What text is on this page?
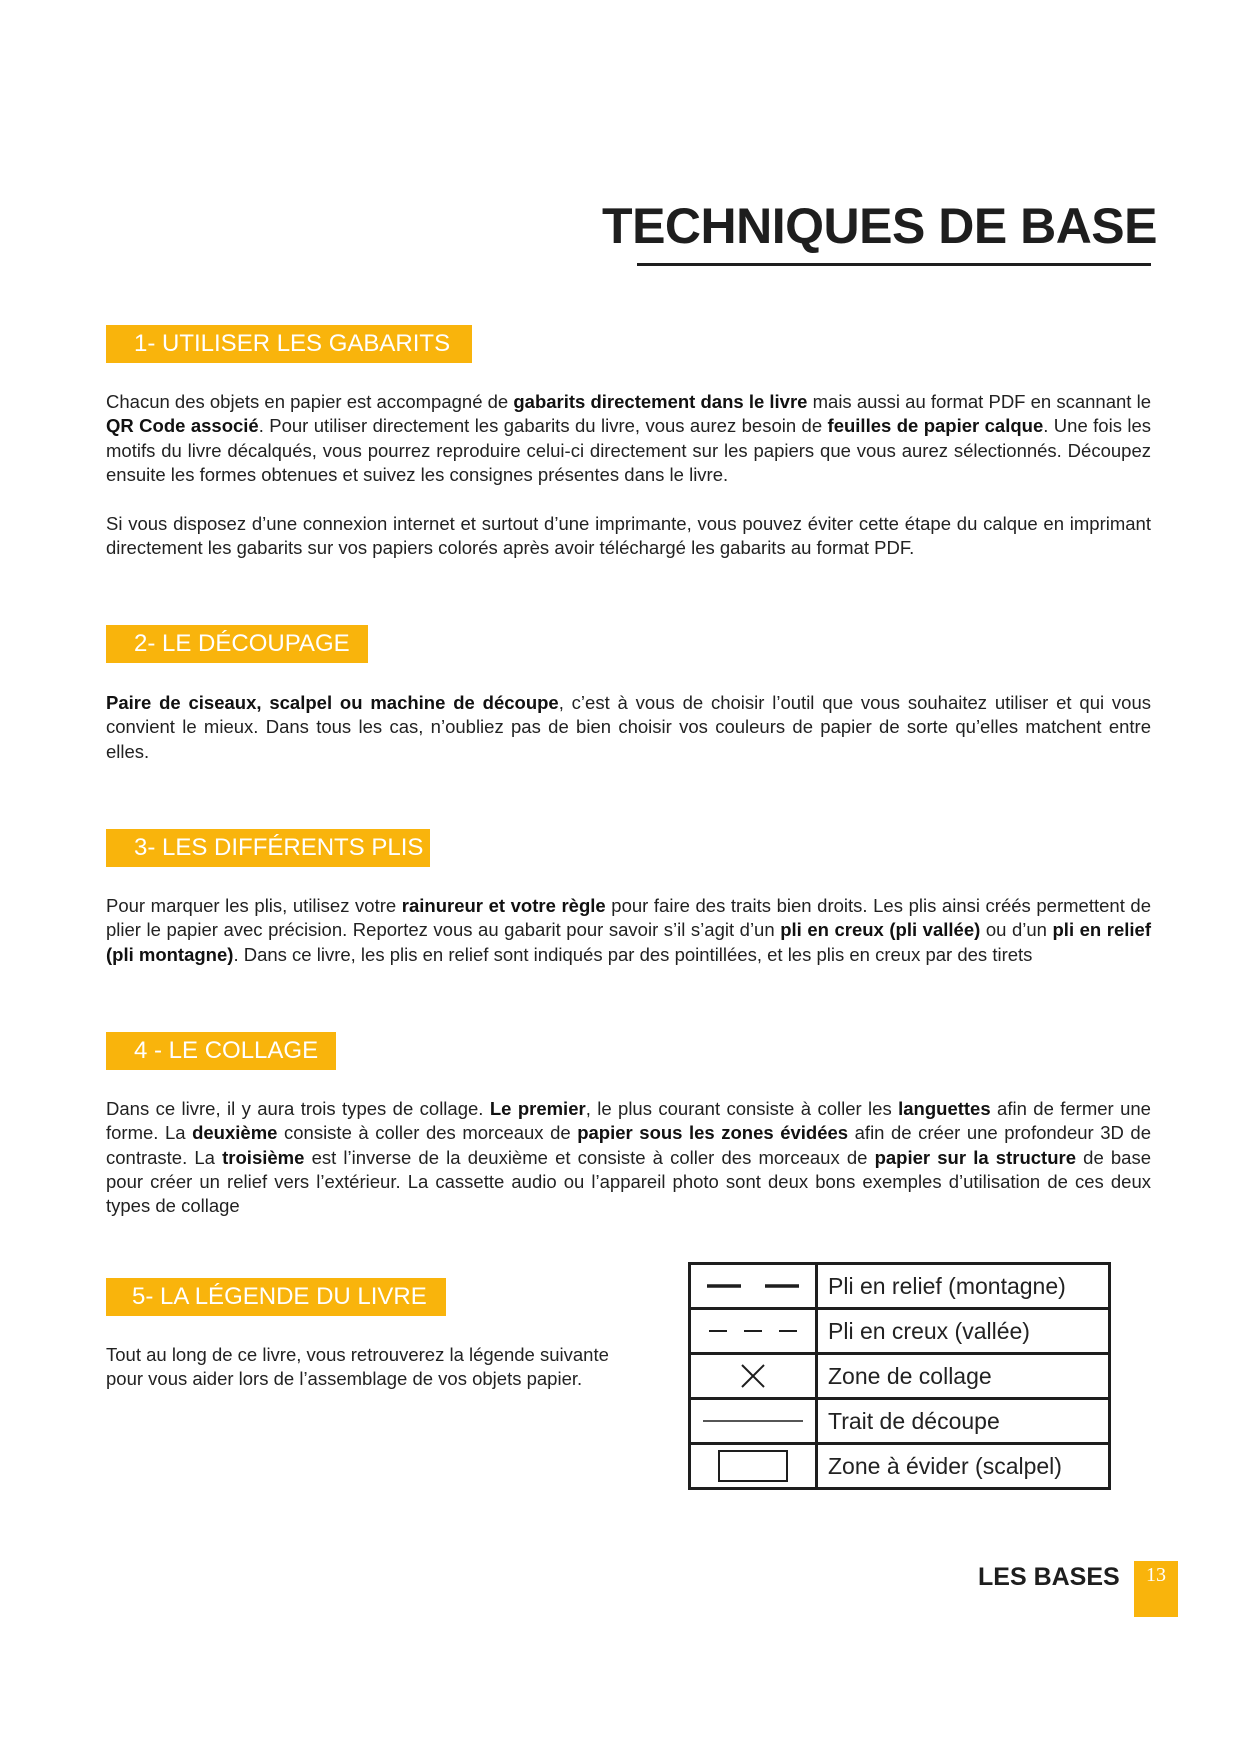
TECHNIQUES DE BASE
1- UTILISER LES GABARITS

Chacun des objets en papier est accompagné de gabarits directement dans le livre mais aussi au format PDF en scannant le QR Code associé. Pour utiliser directement les gabarits du livre, vous aurez besoin de feuilles de papier calque. Une fois les motifs du livre décalqués, vous pourrez reproduire celui-ci directement sur les papiers que vous aurez sélectionnés. Découpez ensuite les formes obtenues et suivez les consignes présentes dans le livre.

Si vous disposez d’une connexion internet et surtout d’une imprimante, vous pouvez éviter cette étape du calque en imprimant directement les gabarits sur vos papiers colorés après avoir téléchargé les gabarits au format PDF.

2- LE DÉCOUPAGE

Paire de ciseaux, scalpel ou machine de découpe, c’est à vous de choisir l’outil que vous souhaitez utiliser et qui vous convient le mieux. Dans tous les cas, n’oubliez pas de bien choisir vos couleurs de papier de sorte qu’elles matchent entre elles.

3- LES DIFFÉRENTS PLIS

Pour marquer les plis, utilisez votre rainureur et votre règle pour faire des traits bien droits. Les plis ainsi créés permettent de plier le papier avec précision. Reportez vous au gabarit pour savoir s’il s’agit d’un pli en creux (pli vallée) ou d’un pli en relief (pli montagne). Dans ce livre, les plis en relief sont indiqués par des pointillées, et les plis en creux par des tirets

4 - LE COLLAGE

Dans ce livre, il y aura trois types de collage. Le premier, le plus courant consiste à coller les languettes afin de fermer une forme. La deuxième consiste à coller des morceaux de papier sous les zones évidées afin de créer une profondeur 3D de contraste. La troisième est l’inverse de la deuxième et consiste à coller des morceaux de papier sur la structure de base pour créer un relief vers l’extérieur. La cassette audio ou l’appareil photo sont deux bons exemples d’utilisation de ces deux types de collage

5- LA LÉGENDE DU LIVRE

Tout au long de ce livre, vous retrouverez la légende suivante pour vous aider lors de l’assemblage de vos objets papier.

	Pli en relief (montagne)

	Pli en creux (vallée)

	Zone de collage

	Trait de découpe

	Zone à évider (scalpel)
LES BASES	13
